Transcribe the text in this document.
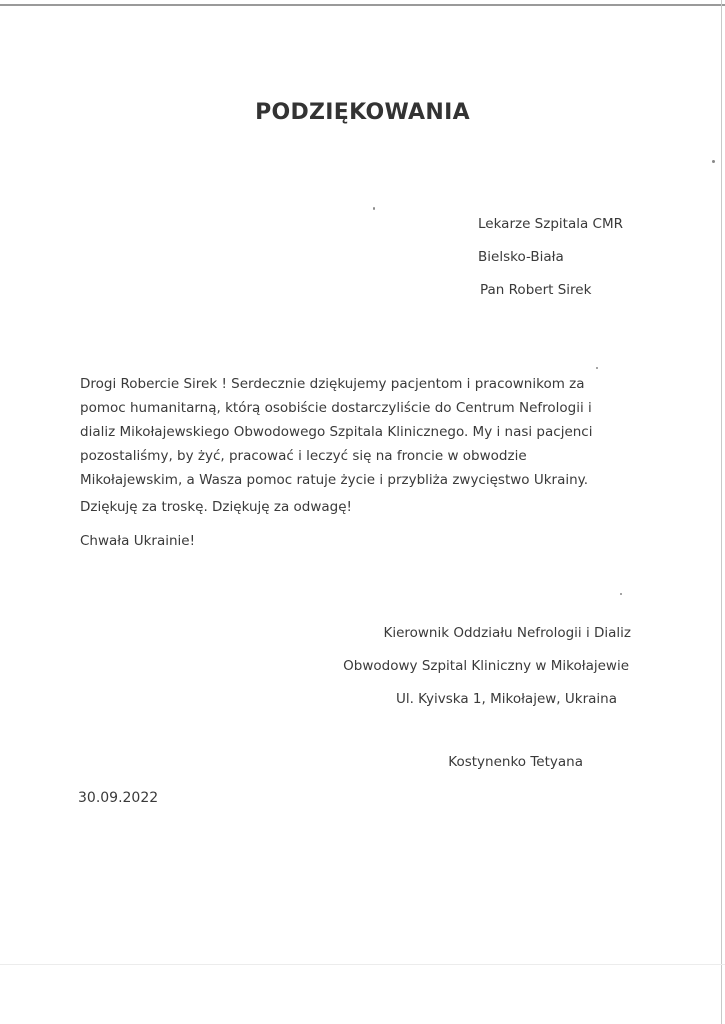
PODZIĘKOWANIA
Lekarze Szpitala CMR
Bielsko-Biała
Pan Robert Sirek

Drogi Robercie Sirek ! Serdecznie dziękujemy pacjentom i pracownikom za

pomoc humanitarną, którą osobiście dostarczyliście do Centrum Nefrologii i

dializ Mikołajewskiego Obwodowego Szpitala Klinicznego. My i nasi pacjenci

pozostaliśmy, by żyć, pracować i leczyć się na froncie w obwodzie

Mikołajewskim, a Wasza pomoc ratuje życie i przybliża zwycięstwo Ukrainy.

Dziękuję za troskę. Dziękuję za odwagę!
Chwała Ukrainie!
Kierownik Oddziału Nefrologii i Dializ
Obwodowy Szpital Kliniczny w Mikołajewie
Ul. Kyivska 1, Mikołajew, Ukraina
Kostynenko Tetyana
30.09.2022
